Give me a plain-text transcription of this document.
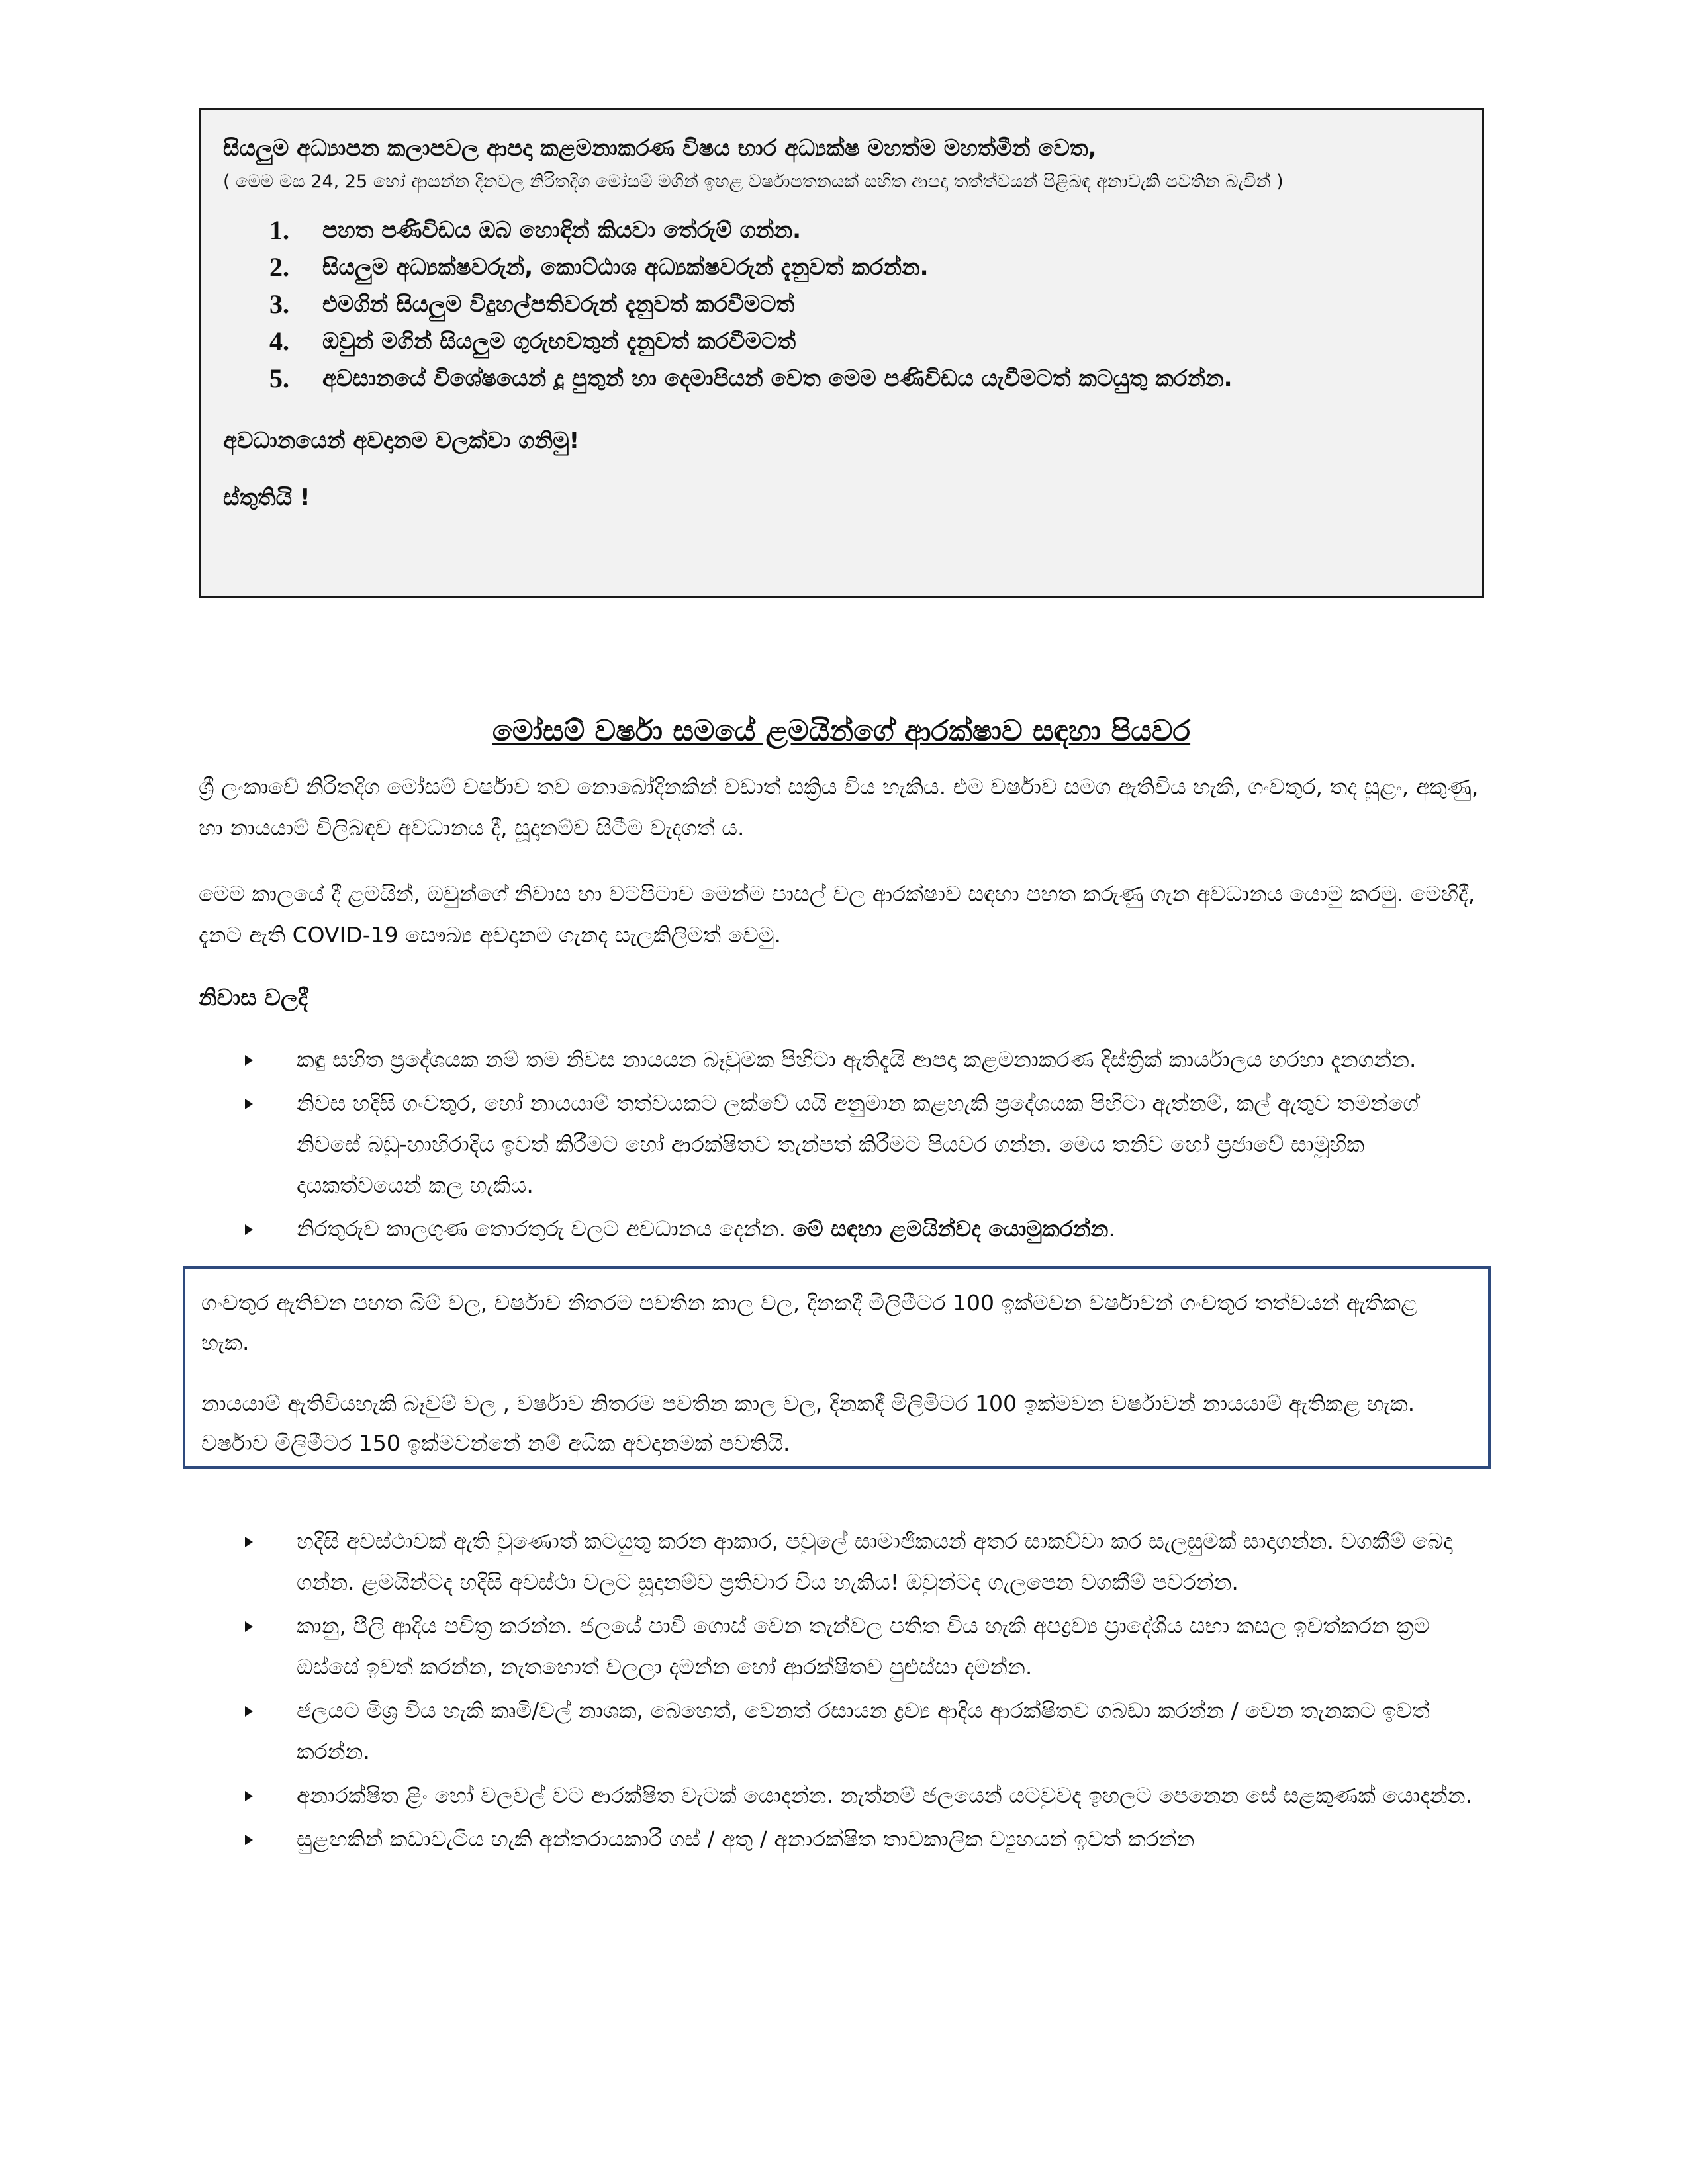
සියලුම අධ්‍යාපන කලාපවල ආපදා කළමනාකරණ විෂය භාර අධ්‍යක්ෂ මහත්ම මහත්මීන් වෙත,

( මෙම මස 24, 25 හෝ ආසන්න දිනවල නිරිතදිග මෝසම් මගින් ඉහළ වර්ෂාපතනයක් සහිත ආපදා තත්ත්වයන් පිළිබඳ අනාවැකි පවතින බැවින් )

1.	පහත පණිවිඩය ඔබ හොඳින් කියවා තේරුම් ගන්න.
2.	සියලුම අධ්‍යක්ෂවරුන්, කොට්ඨාශ අධ්‍යක්ෂවරුන් දැනුවත් කරන්න.
3.	එමගින් සියලුම විදුහල්පතිවරුන් දැනුවත් කරවීමටත්
4.	ඔවුන් මගින් සියලුම ගුරුභවතුන් දැනුවත් කරවීමටත්
5.	අවසානයේ විශේෂයෙන් දූ පුතුන් හා දෙමාපියන් වෙත මෙම පණිවිඩය යැවීමටත් කටයුතු කරන්න.

අවධානයෙන් අවදානම වලක්වා ගනිමු!

ස්තුතියි !

මෝසම් වර්ෂා සමයේ ළමයින්ගේ ආරක්ෂාව සඳහා පියවර

ශ්‍රී ලංකාවේ නිරිතදිග මෝසම් වර්ෂාව තව නොබෝදිනකින් වඩාත් සක්‍රිය විය හැකිය. එම වර්ෂාව සමග ඇතිවිය හැකි, ගංවතුර, තද සුළං, අකුණු, හා නායයාම් විලිබඳව අවධානය දී, සූදානම්ව සිටීම වැදගත් ය.

මෙම කාලයේ දී ළමයින්, ඔවුන්ගේ නිවාස හා වටපිටාව මෙන්ම පාසල් වල ආරක්ෂාව සඳහා පහත කරුණු ගැන අවධානය යොමු කරමු. මෙහිදී, දැනට ඇති COVID-19 සෞඛ්‍ය අවදානම ගැනද සැලකිලිමත් වෙමු.

නිවාස වලදී

කඳු සහිත ප්‍රදේශයක නම් තම නිවස නායයන බෑවුමක පිහිටා ඇතිදැයි ආපදා කළමනාකරණ දිස්ත්‍රික් කාර්යාලය හරහා දැනගන්න.
නිවස හදිසි ගංවතුර, හෝ නායයාම් තත්වයකට ලක්වේ යයි අනුමාන කළහැකි ප්‍රදේශයක පිහිටා ඇත්නම්, කල් ඇතුව තමන්ගේ නිවසේ බඩු-භාහිරාදිය ඉවත් කිරීමට හෝ ආරක්ෂිතව තැන්පත් කිරීමට පියවර ගන්න. මෙය තනිව හෝ ප්‍රජාවේ සාමූහික දායකත්වයෙන් කල හැකිය.
නිරතුරුව කාලගුණ තොරතුරු වලට අවධානය දෙන්න. මේ සඳහා ළමයින්වද යොමුකරන්න.

ගංවතුර ඇතිවන පහත බිම් වල, වර්ෂාව නිතරම පවතින කාල වල, දිනකදී මිලිමීටර 100 ඉක්මවන වර්ෂාවන් ගංවතුර තත්වයන් ඇතිකළ හැක.

නායයාම් ඇතිවියහැකි බෑවුම් වල , වර්ෂාව නිතරම පවතින කාල වල, දිනකදී මිලිමීටර 100 ඉක්මවන වර්ෂාවන් නායයාම් ඇතිකළ හැක. වර්ෂාව මිලිමීටර 150 ඉක්මවන්නේ නම් අධික අවදානමක් පවතියි.

හදිසි අවස්ථාවක් ඇති වුණොත් කටයුතු කරන ආකාර, පවුලේ සාමාජිකයන් අතර සාකච්චා කර සැලසුමක් සාදාගන්න. වගකීම් බෙදා ගන්න. ළමයින්ටද හදිසි අවස්ථා වලට සූදානම්ව ප්‍රතිචාර විය හැකිය! ඔවුන්ටද ගැලපෙන වගකීම් පවරන්න.
කානු, පීලි ආදිය පවිත්‍ර කරන්න. ජලයේ පාවී ගොස් වෙන තැන්වල පතිත විය හැකි අපද්‍රව්‍ය ප්‍රාදේශීය සභා කසල ඉවත්කරන ක්‍රම ඔස්සේ ඉවත් කරන්න, නැතහොත් වලලා දමන්න හෝ ආරක්ෂිතව පුළුස්සා දමන්න.
ජලයට මිශ්‍ර විය හැකි කෘමි/වල් නාශක, බෙහෙත්, වෙනත් රසායන ද්‍රව්‍ය ආදිය ආරක්ෂිතව ගබඩා කරන්න / වෙන තැනකට ඉවත් කරන්න.
අනාරක්ෂිත ළිං හෝ වලවල් වට ආරක්ෂිත වැටක් යොදන්න. නැත්නම් ජලයෙන් යටවුවද ඉහලට පෙනෙන සේ සළකුණක් යොදන්න.
සුළඟකින් කඩාවැටිය හැකි අන්තරායකාරී ගස් / අතු / අනාරක්ෂිත තාවකාලික ව්‍යුහයන් ඉවත් කරන්න
